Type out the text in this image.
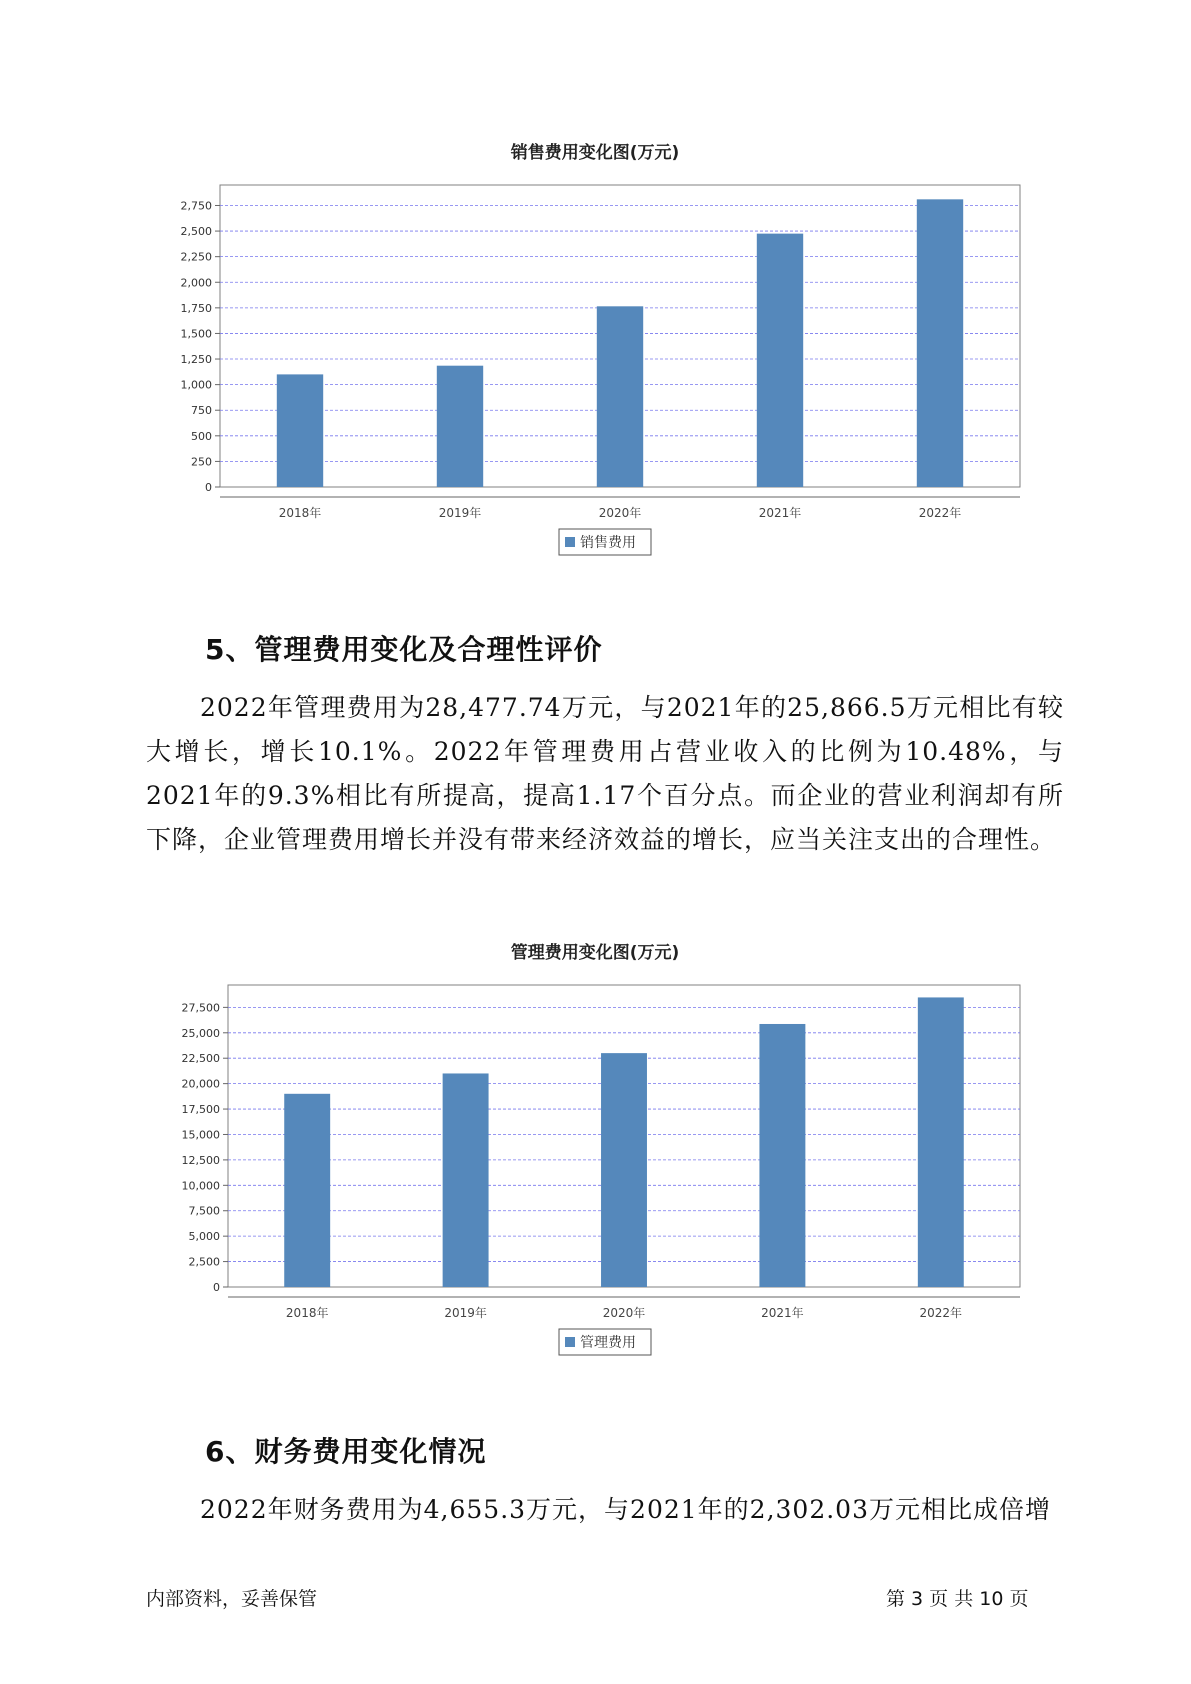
销售费用变化图(万元)
0
250
500
750
1,000
1,250
1,500
1,750
2,000
2,250
2,500
2,750
2018年	2019年	2020年	2021年	2022年
销售费用
5、管理费用变化及合理性评价

2022年管理费用为28,477.74万元，与2021年的25,866.5万元相比有较大增长，增长10.1%。2022年管理费用占营业收入的比例为10.48%，与2021年的9.3%相比有所提高，提高1.17个百分点。而企业的营业利润却有所下降，企业管理费用增长并没有带来经济效益的增长，应当关注支出的合理性。

管理费用变化图(万元)
0
2,500
5,000
7,500
10,000
12,500
15,000
17,500
20,000
22,500
25,000
27,500
2018年	2019年	2020年	2021年	2022年
管理费用
6、财务费用变化情况

2022年财务费用为4,655.3万元，与2021年的2,302.03万元相比成倍增

内部资料，妥善保管	第 3 页 共 10 页
